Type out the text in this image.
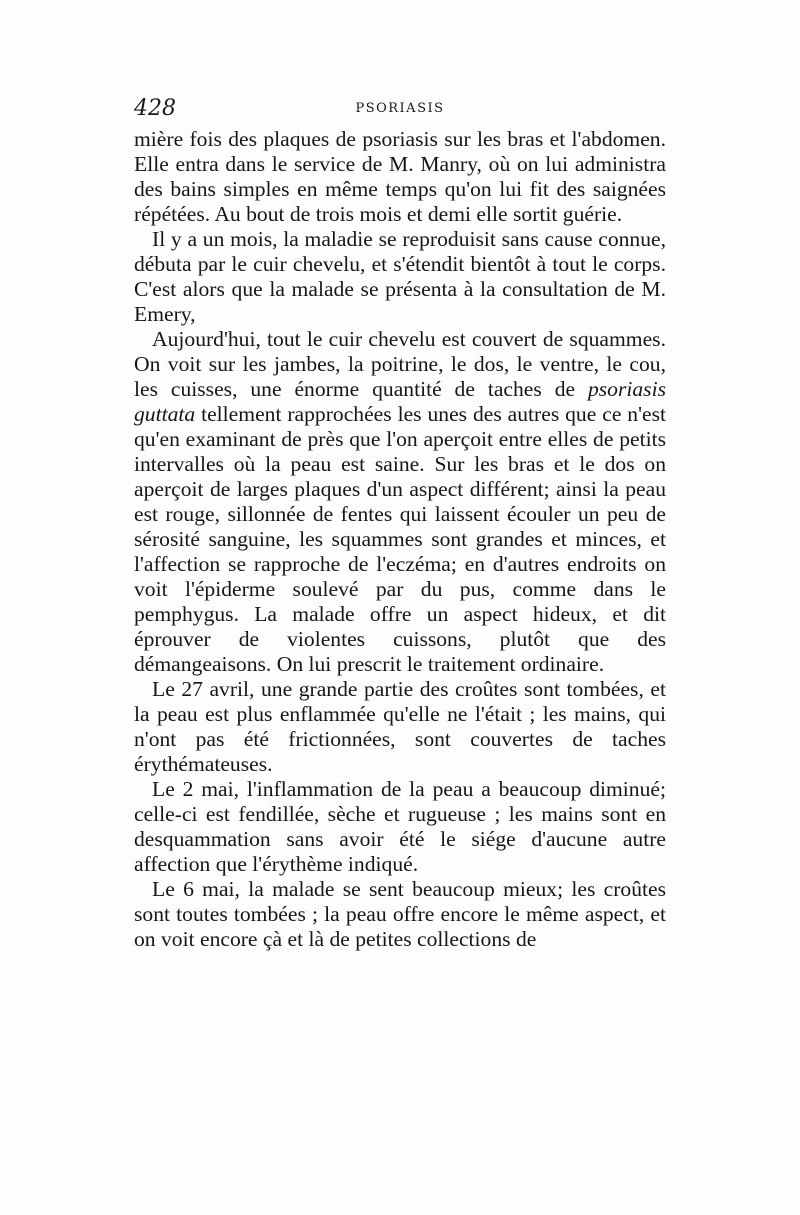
428	PSORIASIS

mière fois des plaques de psoriasis sur les bras et l'abdomen. Elle entra dans le service de M. Manry, où on lui administra des bains simples en même temps qu'on lui fit des saignées répétées. Au bout de trois mois et demi elle sortit guérie.

Il y a un mois, la maladie se reproduisit sans cause connue, débuta par le cuir chevelu, et s'étendit bientôt à tout le corps. C'est alors que la malade se présenta à la consultation de M. Emery,

Aujourd'hui, tout le cuir chevelu est couvert de squammes. On voit sur les jambes, la poitrine, le dos, le ventre, le cou, les cuisses, une énorme quantité de taches de psoriasis guttata tellement rapprochées les unes des autres que ce n'est qu'en examinant de près que l'on aperçoit entre elles de petits intervalles où la peau est saine. Sur les bras et le dos on aperçoit de larges plaques d'un aspect différent; ainsi la peau est rouge, sillonnée de fentes qui laissent écouler un peu de sérosité sanguine, les squammes sont grandes et minces, et l'affection se rapproche de l'eczéma; en d'autres endroits on voit l'épiderme soulevé par du pus, comme dans le pemphygus. La malade offre un aspect hideux, et dit éprouver de violentes cuissons, plutôt que des démangeaisons. On lui prescrit le traitement ordinaire.

Le 27 avril, une grande partie des croûtes sont tombées, et la peau est plus enflammée qu'elle ne l'était ; les mains, qui n'ont pas été frictionnées, sont couvertes de taches érythémateuses.

Le 2 mai, l'inflammation de la peau a beaucoup diminué; celle-ci est fendillée, sèche et rugueuse ; les mains sont en desquammation sans avoir été le siége d'aucune autre affection que l'érythème indiqué.

Le 6 mai, la malade se sent beaucoup mieux; les croûtes sont toutes tombées ; la peau offre encore le même aspect, et on voit encore çà et là de petites collections de
